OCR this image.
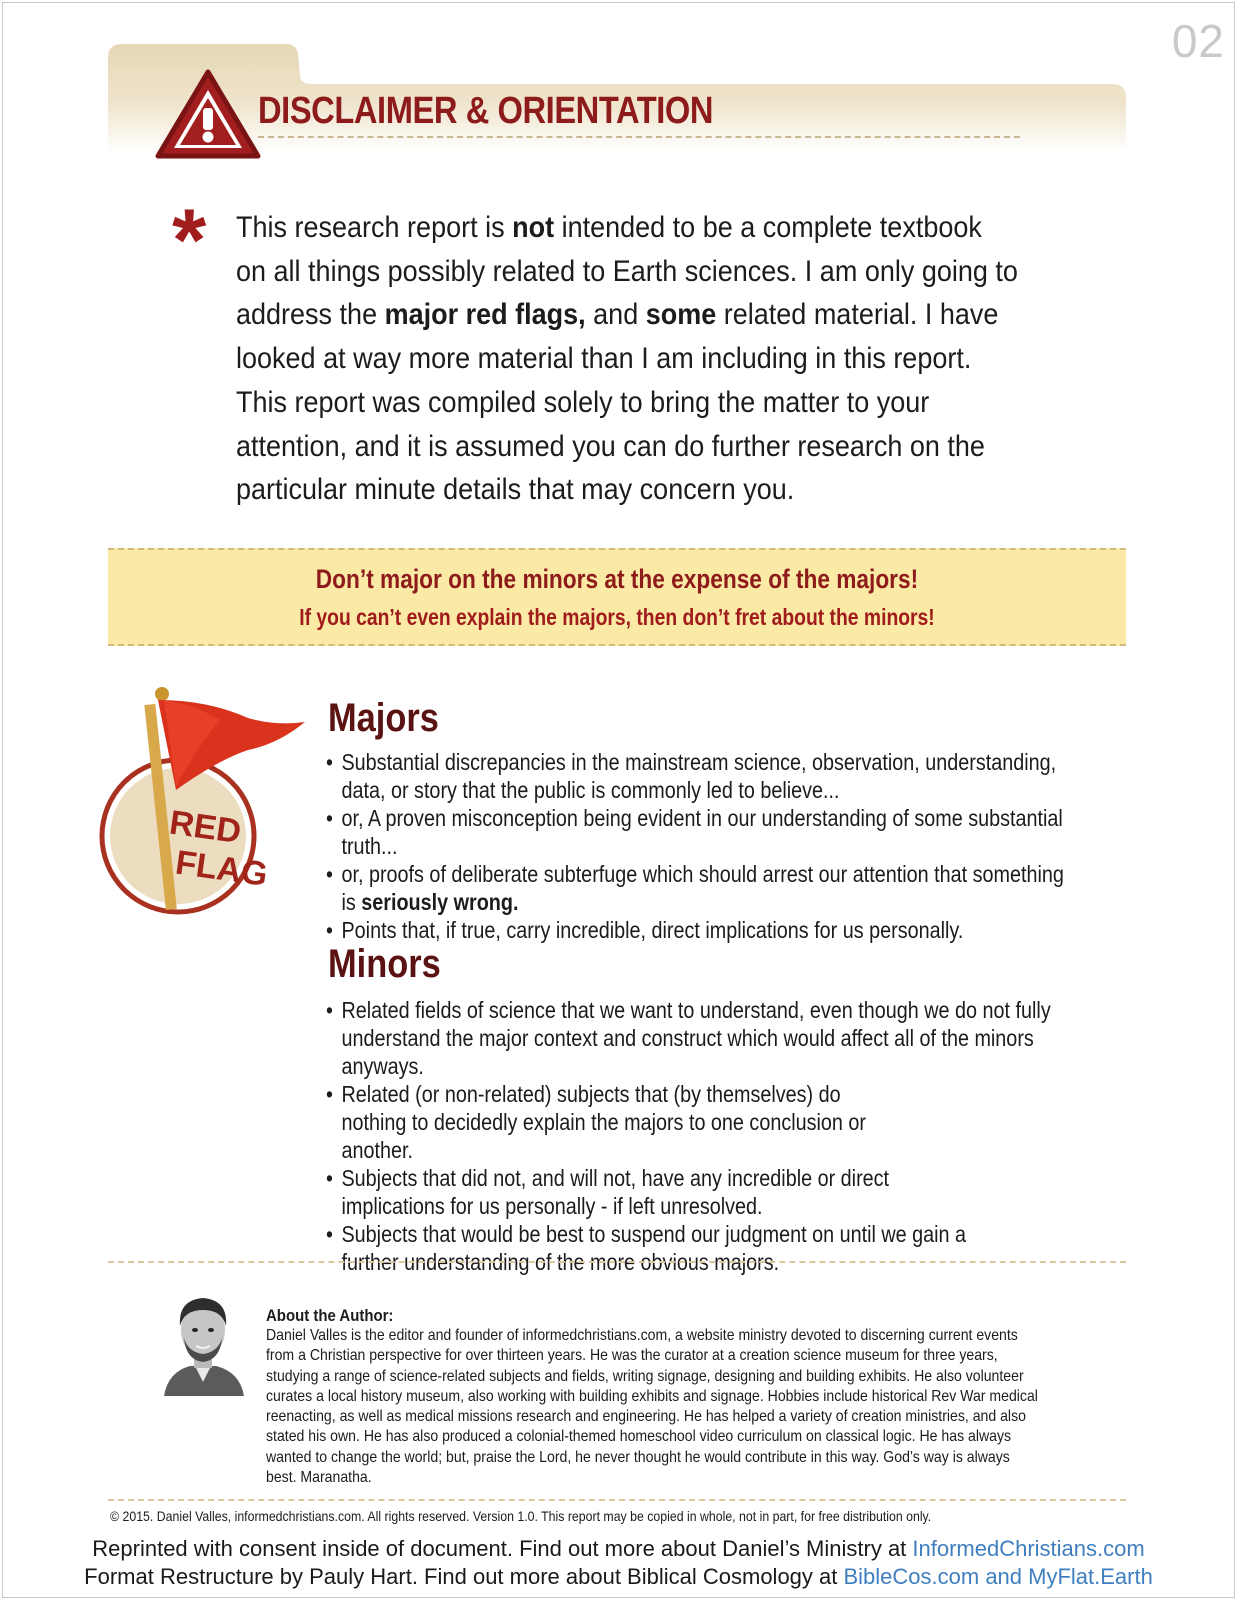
02
DISCLAIMER & ORIENTATION
* This research report is not intended to be a complete textbook on all things possibly related to Earth sciences. I am only going to address the major red flags, and some related material. I have looked at way more material than I am including in this report. This report was compiled solely to bring the matter to your attention, and it is assumed you can do further research on the particular minute details that may concern you.

Don’t major on the minors at the expense of the majors!
If you can’t even explain the majors, then don’t fret about the minors!
RED
FLAG
Majors
• Substantial discrepancies in the mainstream science, observation, understanding, data, or story that the public is commonly led to believe...
• or, A proven misconception being evident in our understanding of some substantial truth...
• or, proofs of deliberate subterfuge which should arrest our attention that something is seriously wrong.
• Points that, if true, carry incredible, direct implications for us personally.
Minors
• Related fields of science that we want to understand, even though we do not fully understand the major context and construct which would affect all of the minors anyways.
• Related (or non-related) subjects that (by themselves) do nothing to decidedly explain the majors to one conclusion or another.
• Subjects that did not, and will not, have any incredible or direct implications for us personally - if left unresolved.
• Subjects that would be best to suspend our judgment on until we gain a further understanding of the more obvious majors.
About the Author:

Daniel Valles is the editor and founder of informedchristians.com, a website ministry devoted to discerning current events from a Christian perspective for over thirteen years. He was the curator at a creation science museum for three years, studying a range of science-related subjects and fields, writing signage, designing and building exhibits. He also volunteer curates a local history museum, also working with building exhibits and signage. Hobbies include historical Rev War medical reenacting, as well as medical missions research and engineering. He has helped a variety of creation ministries, and also stated his own. He has also produced a colonial-themed homeschool video curriculum on classical logic. He has always wanted to change the world; but, praise the Lord, he never thought he would contribute in this way. God’s way is always best. Maranatha.

© 2015. Daniel Valles, informedchristians.com. All rights reserved. Version 1.0. This report may be copied in whole, not in part, for free distribution only.
Reprinted with consent inside of document. Find out more about Daniel’s Ministry at InformedChristians.com
Format Restructure by Pauly Hart. Find out more about Biblical Cosmology at BibleCos.com and MyFlat.Earth
